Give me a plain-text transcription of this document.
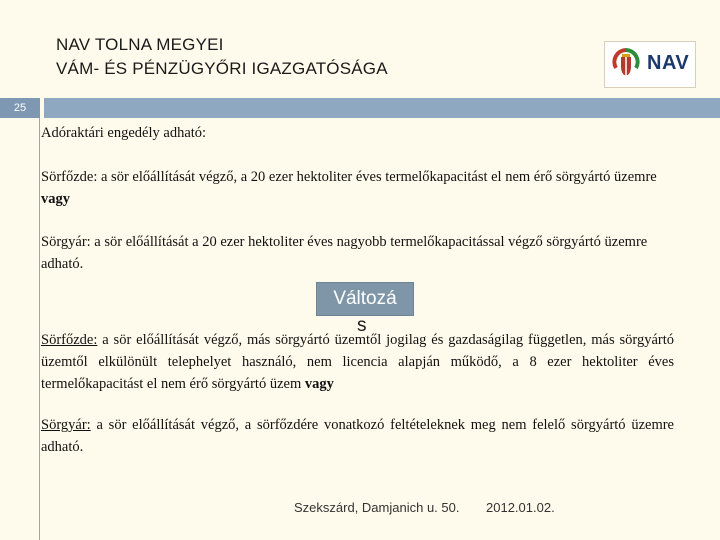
NAV TOLNA MEGYEI
VÁM- ÉS PÉNZÜGYŐRI IGAZGATÓSÁGA	NAV
25
Adóraktári engedély adható:
Sörfőzde: a sör előállítását végző, a 20 ezer hektoliter éves termelőkapacitást el nem érő sörgyártó üzemre vagy
Sörgyár: a sör előállítását a 20 ezer hektoliter éves nagyobb termelőkapacitással végző sörgyártó üzemre adható.
Változá
s
Sörfőzde: a sör előállítását végző, más sörgyártó üzemtől jogilag és gazdaságilag független, más sörgyártó üzemtől elkülönült telephelyet használó, nem licencia alapján működő, a 8 ezer hektoliter éves termelőkapacitást el nem érő sörgyártó üzem vagy
Sörgyár: a sör előállítását végző, a sörfőzdére vonatkozó feltételeknek meg nem felelő sörgyártó üzemre adható.
Szekszárd, Damjanich u. 50. 2012.01.02.
